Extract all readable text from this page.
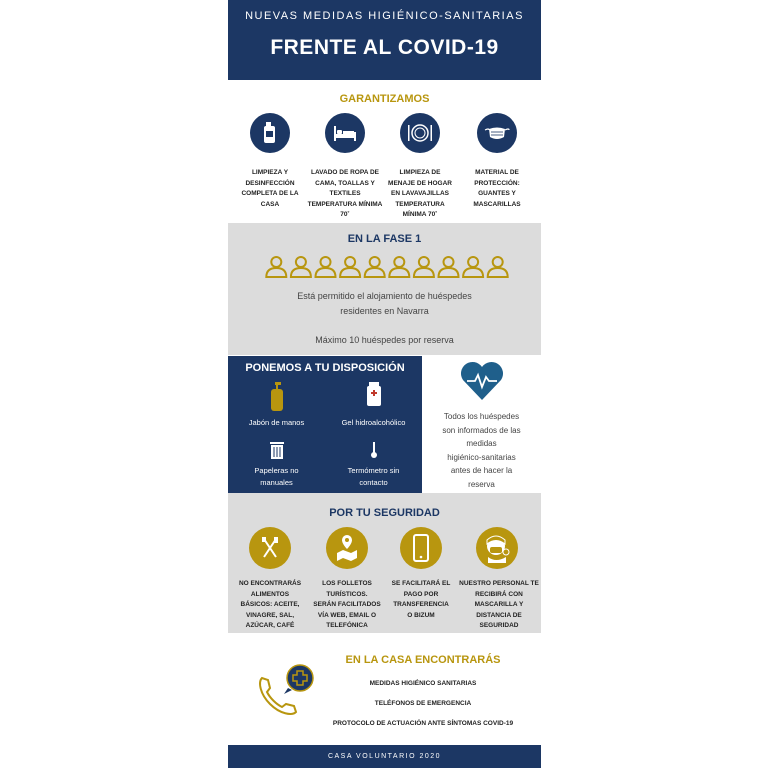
NUEVAS MEDIDAS HIGIÉNICO-SANITARIAS
FRENTE AL COVID-19
GARANTIZAMOS
LIMPIEZA Y
DESINFECCIÓN
COMPLETA DE LA
CASA
LAVADO DE ROPA DE
CAMA, TOALLAS Y
TEXTILES
TEMPERATURA MÍNIMA
70˚
LIMPIEZA DE
MENAJE DE HOGAR
EN LAVAVAJILLAS
TEMPERATURA
MÍNIMA 70˚
MATERIAL DE
PROTECCIÓN:
GUANTES Y
MASCARILLAS
EN LA FASE 1
Está permitido el alojamiento de huéspedes
residentes en Navarra
Máximo 10 huéspedes por reserva
PONEMOS A TU DISPOSICIÓN
Jabón de manos	Gel hidroalcohólico
Papeleras no
manuales
Termómetro sin
contacto
Todos los huéspedes
son informados de las
medidas
higiénico-sanitarias
antes de hacer la
reserva
POR TU SEGURIDAD
NO ENCONTRARÁS
ALIMENTOS
BÁSICOS: ACEITE,
VINAGRE, SAL,
AZÚCAR, CAFÉ
LOS FOLLETOS
TURÍSTICOS.
SERÁN FACILITADOS
VÍA WEB, EMAIL O
TELEFÓNICA
SE FACILITARÁ EL
PAGO POR
TRANSFERENCIA
O BIZUM
NUESTRO PERSONAL TE
RECIBIRÁ CON
MASCARILLA Y
DISTANCIA DE
SEGURIDAD
EN LA CASA ENCONTRARÁS
MEDIDAS HIGIÉNICO SANITARIAS
TELÉFONOS DE EMERGENCIA
PROTOCOLO DE ACTUACIÓN ANTE SÍNTOMAS COVID-19
CASA VOLUNTARIO 2020
